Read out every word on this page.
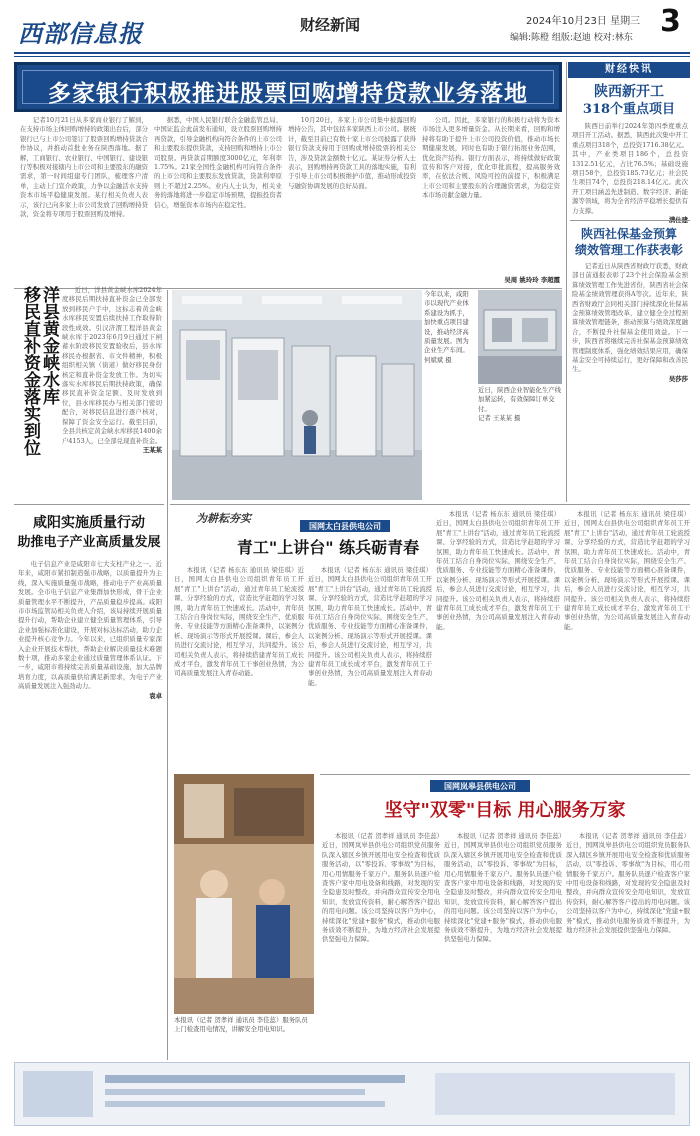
西部信息报	财经新闻	2024年10月23日 星期三 3
编辑:陈橙 组版:赵迪 校对:林东
多家银行积极推进股票回购增持贷款业务落地

记者10月21日从多家商业银行了解到，在支持市场主体回购增持的政策出台后，部分银行已与上市公司签订了股票回购增持贷款合作协议，并推动首批业务在陕西落地。据了解，工商银行、农业银行、中国银行、建设银行等积极对接辖内上市公司和主要股东的融资需求，第一时间组建专门团队，梳理客户清单，主动上门宣介政策，力争以金融活水支持资本市场平稳健康发展。某行相关负责人表示，该行已向多家上市公司发放了回购增持贷款，资金将专项用于股票回购及增持。

据悉，中国人民银行联合金融监管总局、中国证监会此前发布通知，设立股票回购增持再贷款，引导金融机构向符合条件的上市公司和主要股东提供贷款，支持回购和增持上市公司股票。再贷款首期额度3000亿元，年利率1.75%。21家全国性金融机构可向符合条件的上市公司和主要股东发放贷款，贷款利率原则上不超过2.25%。业内人士认为，相关业务的落地将进一步稳定市场预期，提振投资者信心，增强资本市场内在稳定性。

10月20日，多家上市公司集中披露回购增持公告，其中包括多家陕西上市公司。据统计，截至目前已有数十家上市公司披露了获得银行贷款支持用于回购或增持股票的相关公告，涉及贷款金额数十亿元。某证券分析人士表示，回购增持再贷款工具的落地实施，有利于引导上市公司积极维护市值，推动形成投资与融资协调发展的良好局面。

公司。因此，多家银行的积极行动将为资本市场注入更多增量资金。从长期来看，回购和增持将有助于提升上市公司投资价值，推动市场长期健康发展，同时也有助于银行拓展业务范围，优化资产结构。银行方面表示，将持续做好政策宣传和客户对接，优化审批流程，提高服务效率，在依法合规、风险可控的前提下，积极满足上市公司和主要股东的合理融资需求，为稳定资本市场贡献金融力量。

吴周 姚玲玲 李超霞

洋县黄金峡水库
移民直补资金落实到位	近日，洋县黄金峡水库2024年度移民后期扶持直补资金已全部发放到移民户手中，这标志着黄金峡水库移民安置后续扶持工作取得阶段性成效。引汉济渭工程洋县黄金峡水库于2023年6月9日通过下闸蓄水阶段移民安置验收后，县水库移民办根据省、市文件精神，积极组织相关镇（街道）做好移民身份核定和直补资金发放工作。为切实落实水库移民后期扶持政策，确保移民直补资金足额、及时发放到位，县水库移民办与相关部门密切配合，对移民信息进行逐户核对，保障了资金安全运行。截至目前，全县共核定黄金峡水库移民1400余户4153人，已全部兑现直补资金。

王某某

咸阳实施质量行动
助推电子产业高质量发展

电子信息产业是咸阳市七大支柱产业之一。近年来，咸阳市紧扣制造强市战略，以质量提升为主线，深入实施质量强市战略，推动电子产业高质量发展。全市电子信息产业集群加快形成，骨干企业质量管理水平不断提升，产品质量稳步提高。咸阳市市场监管局相关负责人介绍，该局持续开展质量提升行动，帮助企业建立健全质量管理体系，引导企业加强标准化建设，开展对标达标活动，助力企业提升核心竞争力。今年以来，已组织质量专家深入企业开展技术帮扶，帮助企业解决质量技术难题数十项，推动多家企业通过质量管理体系认证。下一步，咸阳市将持续完善质量基础设施，加大品牌培育力度，以高质量供给满足新需求，为电子产业高质量发展注入强劲动力。

袁卓

今年以来，咸阳市以现代产业体系建设为抓手，加快重点项目建设，推动经济高质量发展。图为企业生产车间。 何斌斌 摄
近日，陕西企业智能化生产线加紧运转，有效保障订单交付。
记者 王某某 摄
财经快讯
陕西新开工
318个重点项目

陕西日前举行2024年第四季度重点项目开工活动。据悉，陕西此次集中开工重点项目318个，总投资1716.38亿元。其中，产业类项目186个，总投资1312.51亿元，占比76.5%；基础设施项目58个，总投资185.73亿元；社会民生项目74个，总投资218.14亿元。此次开工项目涵盖先进制造、数字经济、新能源等领域，将为全省经济平稳增长提供有力支撑。

陕西社保基金预算
绩效管理工作获表彰

记者近日从陕西省财政厅获悉，财政部日前通报表彰了23个社会保险基金预算绩效管理工作先进省份，陕西省社会保险基金绩效管理获得A等次。近年来，陕西省财政厅会同相关部门持续深化社保基金预算绩效管理改革，建立健全全过程预算绩效管理链条，推动预算与绩效深度融合，不断提升社保基金使用效益。下一步，陕西省将继续完善社保基金预算绩效管理制度体系，强化绩效结果应用，确保基金安全可持续运行，更好保障和改善民生。

吴莎莎

为耕耘夯实
国网太白县供电公司
青工"上讲台" 练兵砺青春

本报讯（记者 杨东东 通讯员 梁佳琪）近日，国网太白县供电公司组织青年员工开展"青工"上讲台"活动，通过青年员工轮流授课、分享经验的方式，营造比学赶超的学习氛围，助力青年员工快速成长。活动中，青年员工结合自身岗位实际，围绕安全生产、优质服务、专业技能等方面精心准备课件，以案例分析、现场演示等形式开展授课。课后，参会人员进行交流讨论，相互学习，共同提升。该公司相关负责人表示，将持续搭建青年员工成长成才平台，激发青年员工干事创业热情，为公司高质量发展注入青春动能。

本报讯（记者 杨东东 通讯员 梁佳琪）近日，国网太白县供电公司组织青年员工开展"青工"上讲台"活动，通过青年员工轮流授课、分享经验的方式，营造比学赶超的学习氛围，助力青年员工快速成长。活动中，青年员工结合自身岗位实际，围绕安全生产、优质服务、专业技能等方面精心准备课件，以案例分析、现场演示等形式开展授课。课后，参会人员进行交流讨论，相互学习，共同提升。该公司相关负责人表示，将持续搭建青年员工成长成才平台，激发青年员工干事创业热情，为公司高质量发展注入青春动能。

本报讯（记者 杨东东 通讯员 梁佳琪）近日，国网太白县供电公司组织青年员工开展"青工"上讲台"活动，通过青年员工轮流授课、分享经验的方式，营造比学赶超的学习氛围，助力青年员工快速成长。活动中，青年员工结合自身岗位实际，围绕安全生产、优质服务、专业技能等方面精心准备课件，以案例分析、现场演示等形式开展授课。课后，参会人员进行交流讨论，相互学习，共同提升。该公司相关负责人表示，将持续搭建青年员工成长成才平台，激发青年员工干事创业热情，为公司高质量发展注入青春动能。

本报讯（记者 杨东东 通讯员 梁佳琪）近日，国网太白县供电公司组织青年员工开展"青工"上讲台"活动，通过青年员工轮流授课、分享经验的方式，营造比学赶超的学习氛围，助力青年员工快速成长。活动中，青年员工结合自身岗位实际，围绕安全生产、优质服务、专业技能等方面精心准备课件，以案例分析、现场演示等形式开展授课。课后，参会人员进行交流讨论，相互学习，共同提升。该公司相关负责人表示，将持续搭建青年员工成长成才平台，激发青年员工干事创业热情，为公司高质量发展注入青春动能。

本报讯（记者 贺孝祥 通讯员 李佳蕊）服务队员上门检查用电情况，讲解安全用电知识。
国网岚皋县供电公司
坚守"双零"目标 用心服务万家

本报讯（记者 贺孝祥 通讯员 李佳蕊）近日，国网岚皋县供电公司组织党员服务队深入辖区乡镇开展用电安全检查和优质服务活动，以"零投诉、零事故"为目标，用心用情服务千家万户。服务队员逐户检查客户家中用电设备和线路，对发现的安全隐患及时整改，并向群众宣传安全用电知识，发放宣传资料，耐心解答客户提出的用电问题。该公司坚持以客户为中心，持续深化"党建+服务"模式，推动供电服务质效不断提升，为地方经济社会发展提供坚强电力保障。

本报讯（记者 贺孝祥 通讯员 李佳蕊）近日，国网岚皋县供电公司组织党员服务队深入辖区乡镇开展用电安全检查和优质服务活动，以"零投诉、零事故"为目标，用心用情服务千家万户。服务队员逐户检查客户家中用电设备和线路，对发现的安全隐患及时整改，并向群众宣传安全用电知识，发放宣传资料，耐心解答客户提出的用电问题。该公司坚持以客户为中心，持续深化"党建+服务"模式，推动供电服务质效不断提升，为地方经济社会发展提供坚强电力保障。

本报讯（记者 贺孝祥 通讯员 李佳蕊）近日，国网岚皋县供电公司组织党员服务队深入辖区乡镇开展用电安全检查和优质服务活动，以"零投诉、零事故"为目标，用心用情服务千家万户。服务队员逐户检查客户家中用电设备和线路，对发现的安全隐患及时整改，并向群众宣传安全用电知识，发放宣传资料，耐心解答客户提出的用电问题。该公司坚持以客户为中心，持续深化"党建+服务"模式，推动供电服务质效不断提升，为地方经济社会发展提供坚强电力保障。
